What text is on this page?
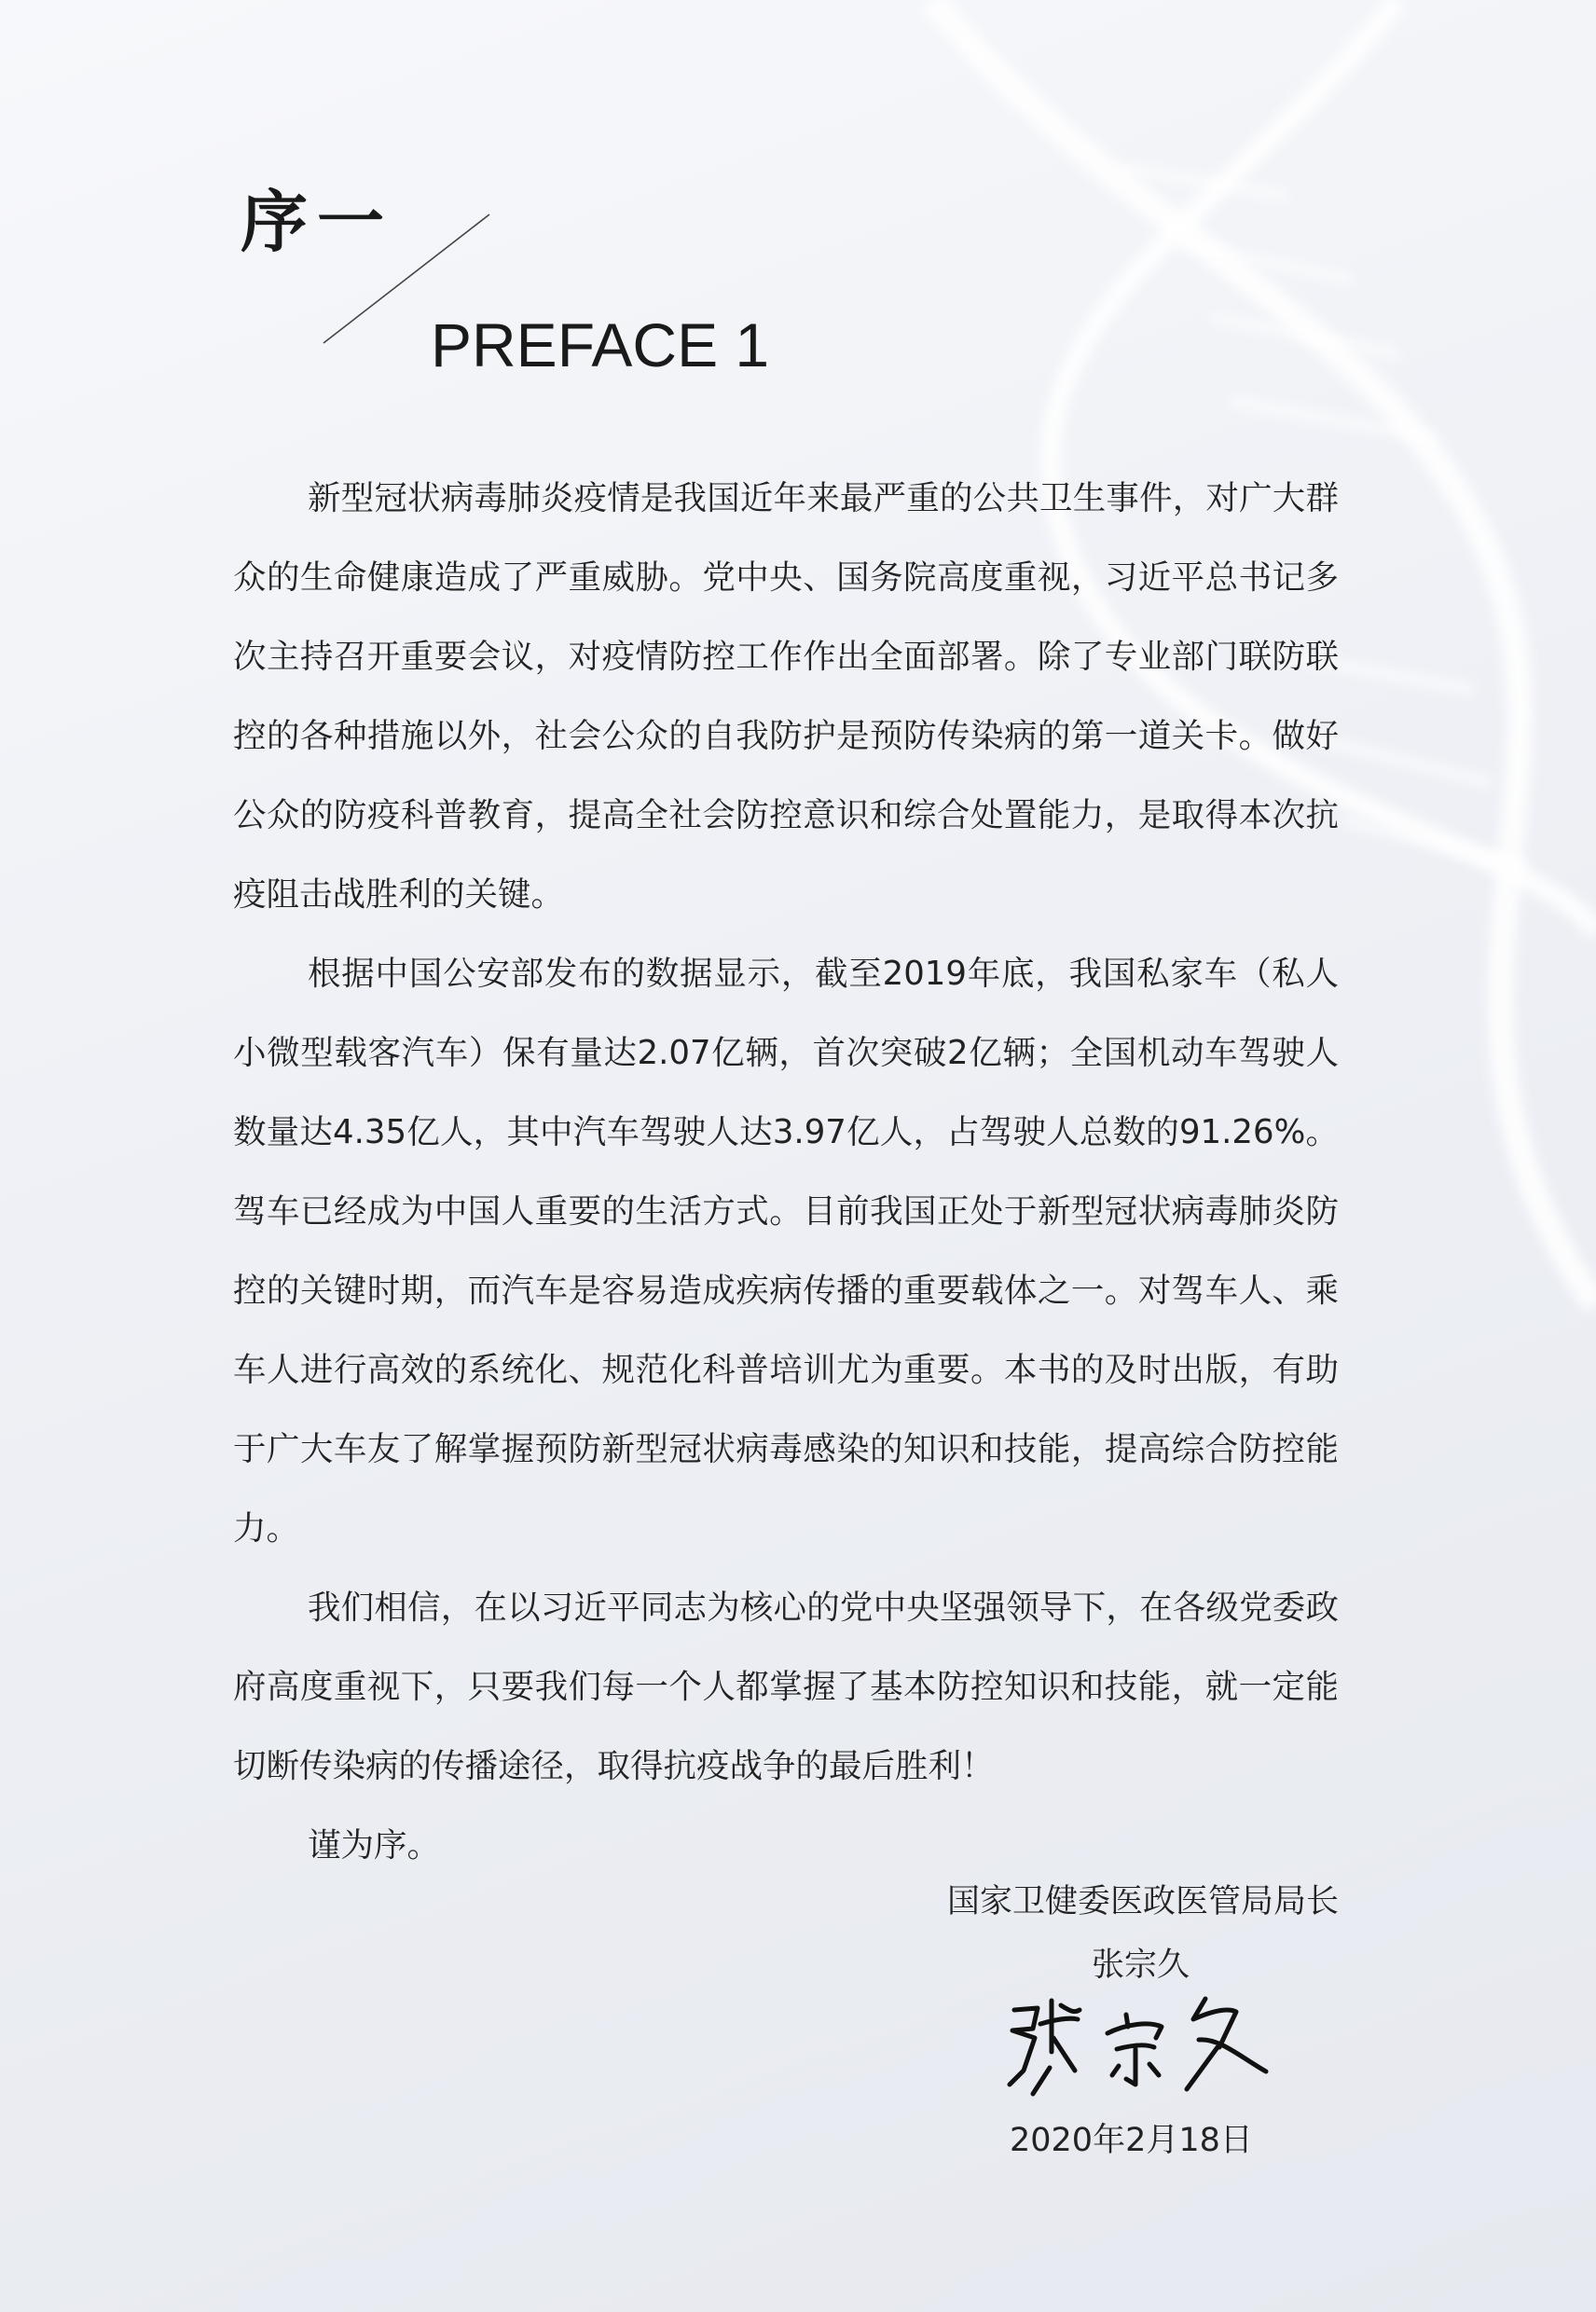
序一
PREFACE 1

新型冠状病毒肺炎疫情是我国近年来最严重的公共卫生事件，对广大群众的生命健康造成了严重威胁。党中央、国务院高度重视，习近平总书记多次主持召开重要会议，对疫情防控工作作出全面部署。除了专业部门联防联控的各种措施以外，社会公众的自我防护是预防传染病的第一道关卡。做好公众的防疫科普教育，提高全社会防控意识和综合处置能力，是取得本次抗疫阻击战胜利的关键。

根据中国公安部发布的数据显示，截至2019年底，我国私家车（私人小微型载客汽车）保有量达2.07亿辆，首次突破2亿辆；全国机动车驾驶人数量达4.35亿人，其中汽车驾驶人达3.97亿人，占驾驶人总数的91.26%。驾车已经成为中国人重要的生活方式。目前我国正处于新型冠状病毒肺炎防控的关键时期，而汽车是容易造成疾病传播的重要载体之一。对驾车人、乘车人进行高效的系统化、规范化科普培训尤为重要。本书的及时出版，有助于广大车友了解掌握预防新型冠状病毒感染的知识和技能，提高综合防控能力。

我们相信，在以习近平同志为核心的党中央坚强领导下，在各级党委政府高度重视下，只要我们每一个人都掌握了基本防控知识和技能，就一定能切断传染病的传播途径，取得抗疫战争的最后胜利！

谨为序。

国家卫健委医政医管局局长
张宗久
2020年2月18日
